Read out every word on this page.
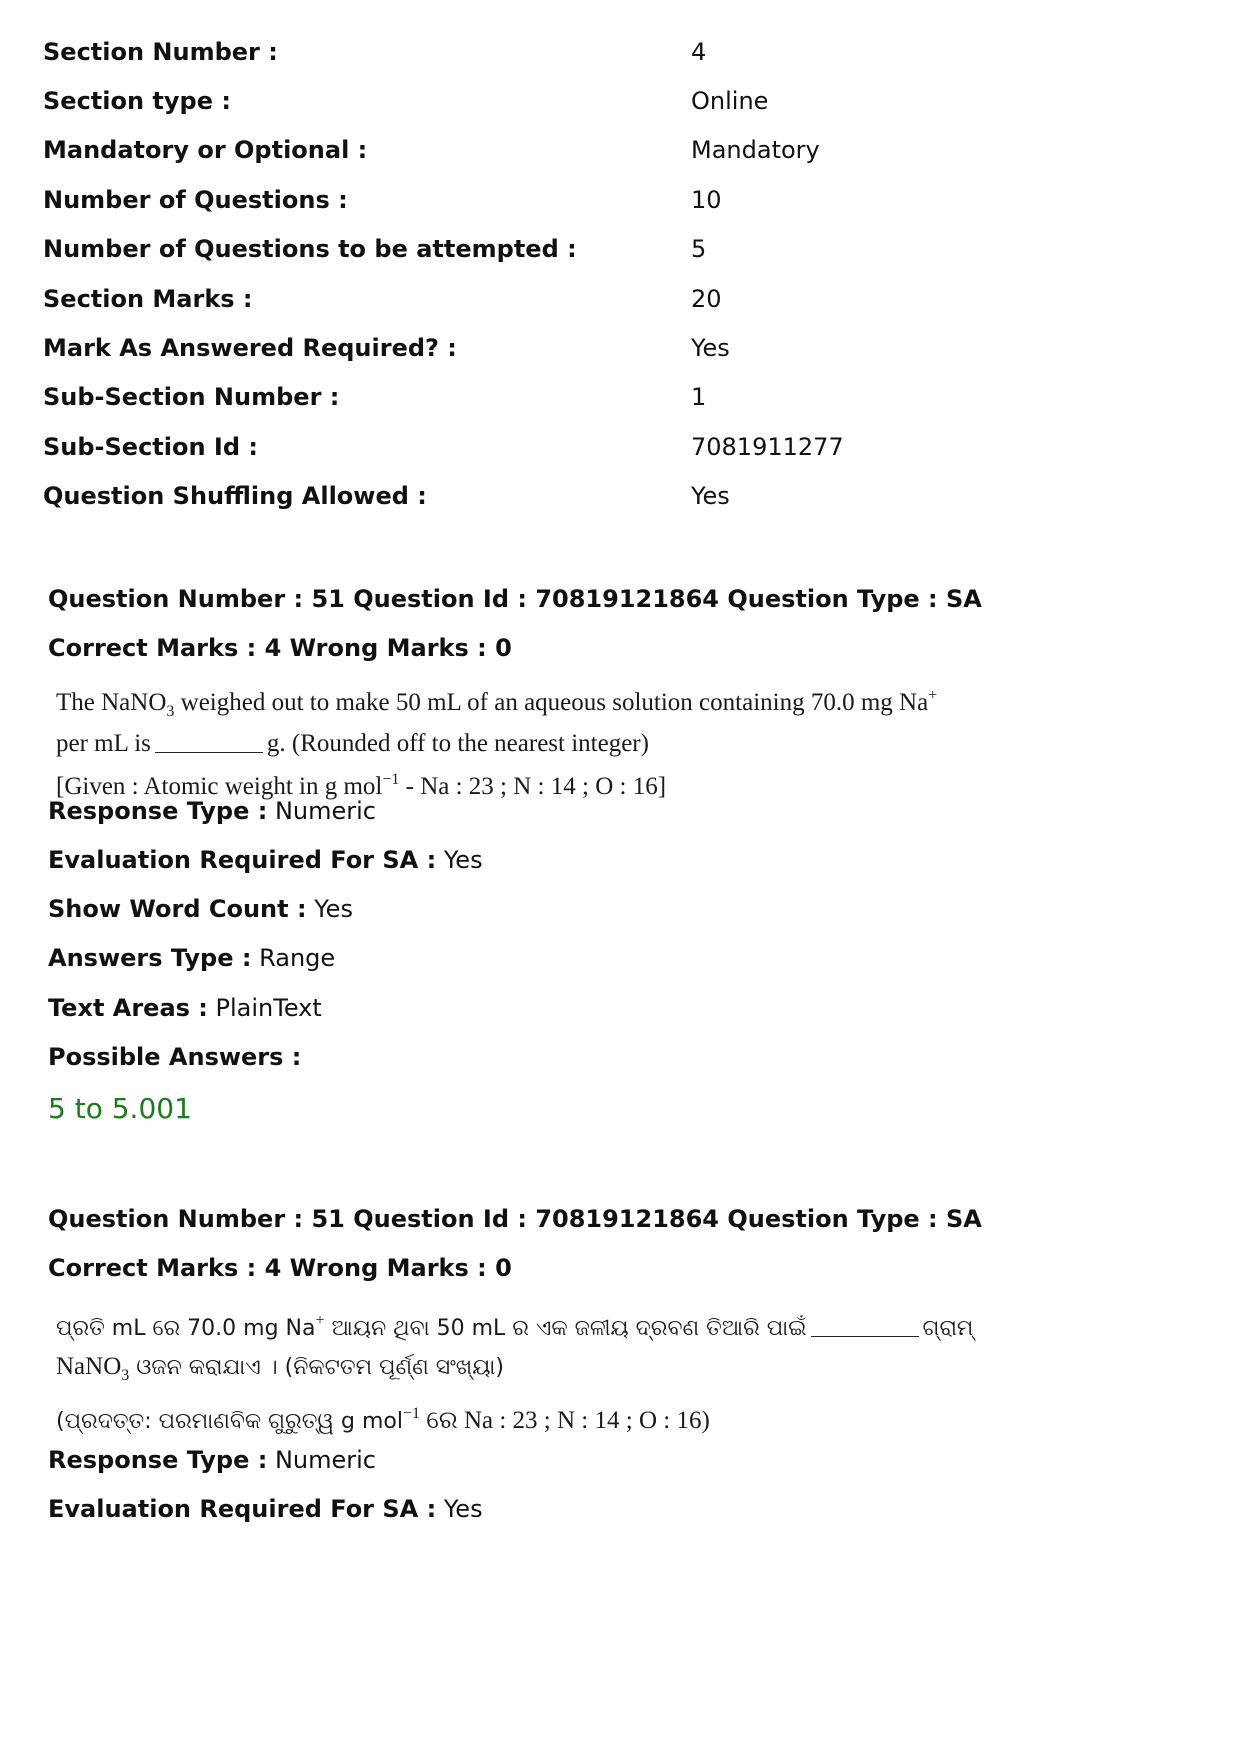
Section Number :	4
Section type :	Online
Mandatory or Optional :	Mandatory
Number of Questions :	10
Number of Questions to be attempted :	5
Section Marks :	20
Mark As Answered Required? :	Yes
Sub-Section Number :	1
Sub-Section Id :	7081911277
Question Shuffling Allowed :	Yes
Question Number : 51 Question Id : 70819121864 Question Type : SA
Correct Marks : 4 Wrong Marks : 0
The NaNO$_3$ weighed out to make 50 mL of an aqueous solution containing 70.0 mg Na+
per mL is	g. (Rounded off to the nearest integer)
[Given : Atomic weight in g mol$^{-1}$ - Na : 23 ; N : 14 ; O : 16]
Response Type : Numeric
Evaluation Required For SA : Yes
Show Word Count : Yes
Answers Type : Range
Text Areas : PlainText
Possible Answers :
5 to 5.001
Question Number : 51 Question Id : 70819121864 Question Type : SA
Correct Marks : 4 Wrong Marks : 0
ପ୍ରତି mL ରେ 70.0 mg Na+ ଆୟନ ଥିବା 50 mL ର ଏକ ଜଳୀୟ ଦ୍ରବଣ ତିଆରି ପାଇଁ	ଗ୍ରାମ୍
NaNO$_3$ ଓଜନ କରାଯାଏ । (ନିକଟତମ ପୂର୍ଣ୍ଣ ସଂଖ୍ୟା)
(ପ୍ରଦତ୍ତ: ପରମାଣବିକ ଗୁରୁତ୍ୱ g mol$^{-1}$ ରେ Na : 23 ; N : 14 ; O : 16)
Response Type : Numeric
Evaluation Required For SA : Yes
